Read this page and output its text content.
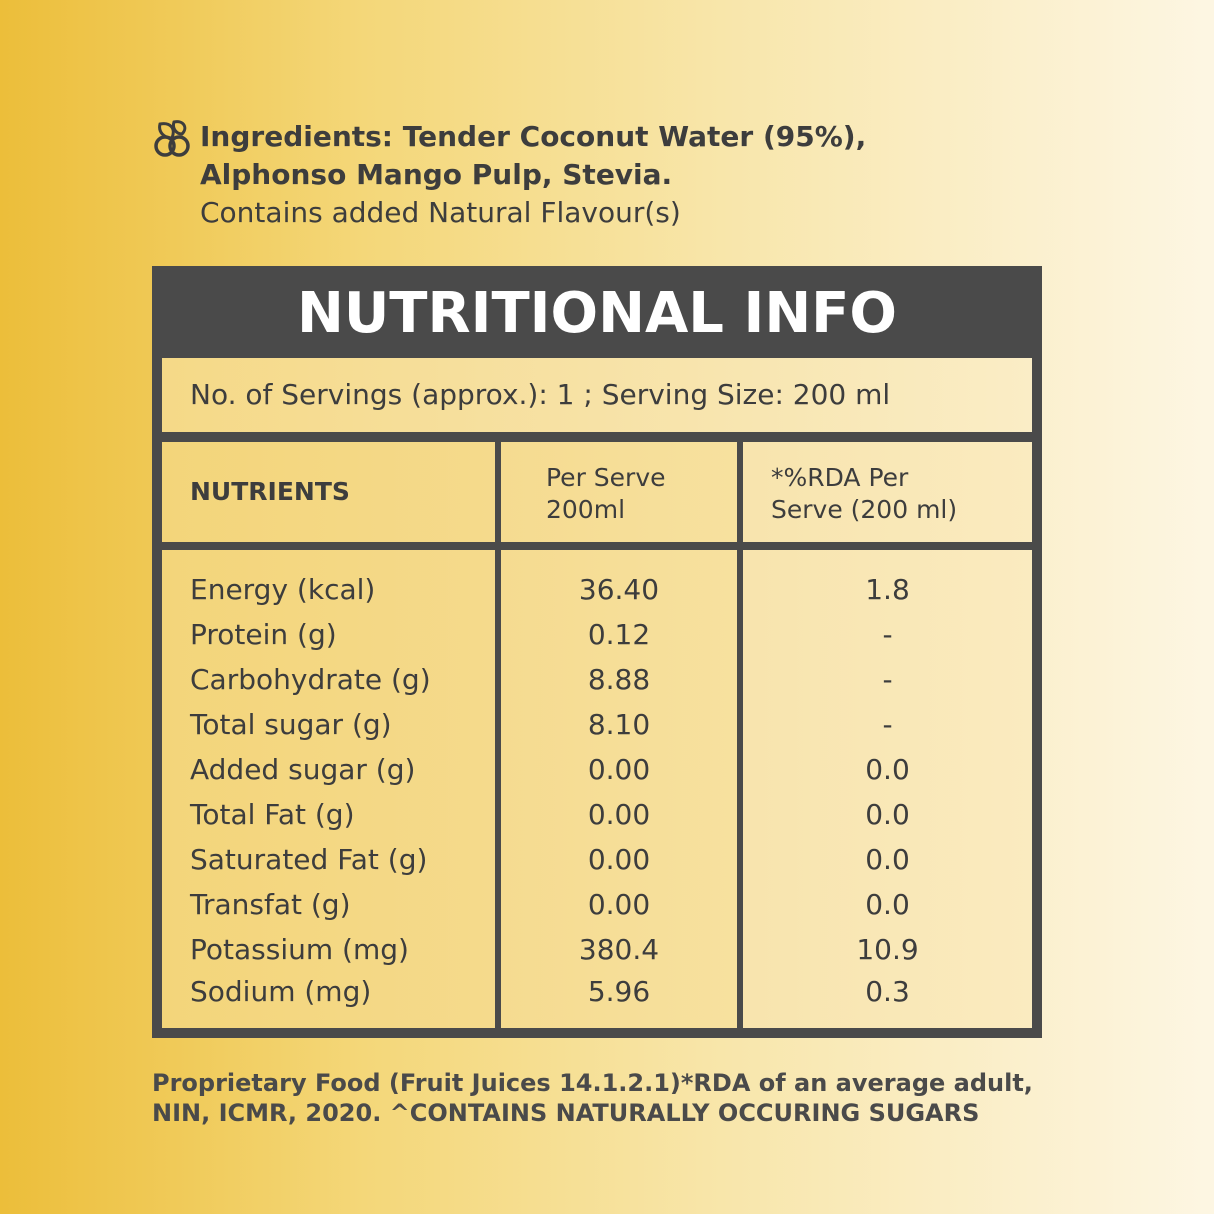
Ingredients: Tender Coconut Water (95%),
Alphonso Mango Pulp, Stevia.
Contains added Natural Flavour(s)
NUTRITIONAL INFO
No. of Servings (approx.): 1 ; Serving Size: 200 ml
NUTRIENTS	Per Serve
200ml
*%RDA Per
Serve (200 ml)
Energy (kcal)
Protein (g)
Carbohydrate (g)
Total sugar (g)
Added sugar (g)
Total Fat (g)
Saturated Fat (g)
Transfat (g)
Potassium (mg)
Sodium (mg)
36.40
0.12
8.88
8.10
0.00
0.00
0.00
0.00
380.4
5.96
1.8
-
-
-
0.0
0.0
0.0
0.0
10.9
0.3
Proprietary Food (Fruit Juices 14.1.2.1)*RDA of an average adult,
NIN, ICMR, 2020. ^CONTAINS NATURALLY OCCURING SUGARS
